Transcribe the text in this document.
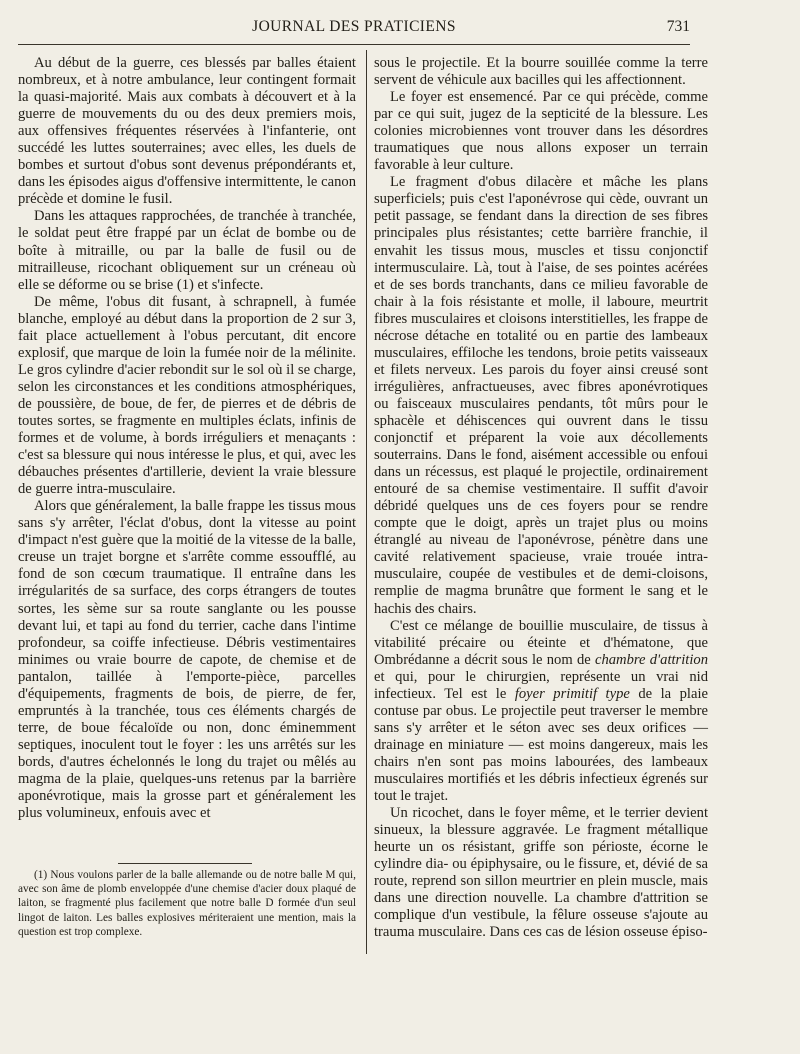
JOURNAL DES PRATICIENS	731

Au début de la guerre, ces blessés par balles étaient nombreux, et à notre ambulance, leur contingent formait la quasi-majorité. Mais aux combats à découvert et à la guerre de mouvements du ou des deux premiers mois, aux offensives fréquentes réservées à l'infanterie, ont succédé les luttes souterraines; avec elles, les duels de bombes et surtout d'obus sont devenus prépondérants et, dans les épisodes aigus d'offensive intermittente, le canon précède et domine le fusil.

Dans les attaques rapprochées, de tranchée à tranchée, le soldat peut être frappé par un éclat de bombe ou de boîte à mitraille, ou par la balle de fusil ou de mitrailleuse, ricochant obliquement sur un créneau où elle se déforme ou se brise (1) et s'infecte.

De même, l'obus dit fusant, à schrapnell, à fumée blanche, employé au début dans la proportion de 2 sur 3, fait place actuellement à l'obus percutant, dit encore explosif, que marque de loin la fumée noir de la mélinite. Le gros cylindre d'acier rebondit sur le sol où il se charge, selon les circonstances et les conditions atmosphériques, de poussière, de boue, de fer, de pierres et de débris de toutes sortes, se fragmente en multiples éclats, infinis de formes et de volume, à bords irréguliers et menaçants : c'est sa blessure qui nous intéresse le plus, et qui, avec les débauches présentes d'artillerie, devient la vraie blessure de guerre intra-musculaire.

Alors que généralement, la balle frappe les tissus mous sans s'y arrêter, l'éclat d'obus, dont la vitesse au point d'impact n'est guère que la moitié de la vitesse de la balle, creuse un trajet borgne et s'arrête comme essoufflé, au fond de son cœcum traumatique. Il entraîne dans les irrégularités de sa surface, des corps étrangers de toutes sortes, les sème sur sa route sanglante ou les pousse devant lui, et tapi au fond du terrier, cache dans l'intime profondeur, sa coiffe infectieuse. Débris vestimentaires minimes ou vraie bourre de capote, de chemise et de pantalon, taillée à l'emporte-pièce, parcelles d'équipements, fragments de bois, de pierre, de fer, empruntés à la tranchée, tous ces éléments chargés de terre, de boue fécaloïde ou non, donc éminemment septiques, inoculent tout le foyer : les uns arrêtés sur les bords, d'autres échelonnés le long du trajet ou mêlés au magma de la plaie, quelques-uns retenus par la barrière aponévrotique, mais la grosse part et généralement les plus volumineux, enfouis avec et

sous le projectile. Et la bourre souillée comme la terre servent de véhicule aux bacilles qui les affectionnent.

Le foyer est ensemencé. Par ce qui précède, comme par ce qui suit, jugez de la septicité de la blessure. Les colonies microbiennes vont trouver dans les désordres traumatiques que nous allons exposer un terrain favorable à leur culture.

Le fragment d'obus dilacère et mâche les plans superficiels; puis c'est l'aponévrose qui cède, ouvrant un petit passage, se fendant dans la direction de ses fibres principales plus résistantes; cette barrière franchie, il envahit les tissus mous, muscles et tissu conjonctif intermusculaire. Là, tout à l'aise, de ses pointes acérées et de ses bords tranchants, dans ce milieu favorable de chair à la fois résistante et molle, il laboure, meurtrit fibres musculaires et cloisons interstitielles, les frappe de nécrose détache en totalité ou en partie des lambeaux musculaires, effiloche les tendons, broie petits vaisseaux et filets nerveux. Les parois du foyer ainsi creusé sont irrégulières, anfractueuses, avec fibres aponévrotiques ou faisceaux musculaires pendants, tôt mûrs pour le sphacèle et déhiscences qui ouvrent dans le tissu conjonctif et préparent la voie aux décollements souterrains. Dans le fond, aisément accessible ou enfoui dans un récessus, est plaqué le projectile, ordinairement entouré de sa chemise vestimentaire. Il suffit d'avoir débridé quelques uns de ces foyers pour se rendre compte que le doigt, après un trajet plus ou moins étranglé au niveau de l'aponévrose, pénètre dans une cavité relativement spacieuse, vraie trouée intra-musculaire, coupée de vestibules et de demi-cloisons, remplie de magma brunâtre que forment le sang et le hachis des chairs.

C'est ce mélange de bouillie musculaire, de tissus à vitabilité précaire ou éteinte et d'hématone, que Ombrédanne a décrit sous le nom de chambre d'attrition et qui, pour le chirurgien, représente un vrai nid infectieux. Tel est le foyer primitif type de la plaie contuse par obus. Le projectile peut traverser le membre sans s'y arrêter et le séton avec ses deux orifices — drainage en miniature — est moins dangereux, mais les chairs n'en sont pas moins labourées, des lambeaux musculaires mortifiés et les débris infectieux égrenés sur tout le trajet.

Un ricochet, dans le foyer même, et le terrier devient sinueux, la blessure aggravée. Le fragment métallique heurte un os résistant, griffe son périoste, écorne le cylindre dia- ou épiphysaire, ou le fissure, et, dévié de sa route, reprend son sillon meurtrier en plein muscle, mais dans une direction nouvelle. La chambre d'attrition se complique d'un vestibule, la fêlure osseuse s'ajoute au trauma musculaire. Dans ces cas de lésion osseuse épiso-

(1) Nous voulons parler de la balle allemande ou de notre balle M qui, avec son âme de plomb enveloppée d'une chemise d'acier doux plaqué de laiton, se fragmenté plus facilement que notre balle D formée d'un seul lingot de laiton. Les balles explosives mériteraient une mention, mais la question est trop complexe.
